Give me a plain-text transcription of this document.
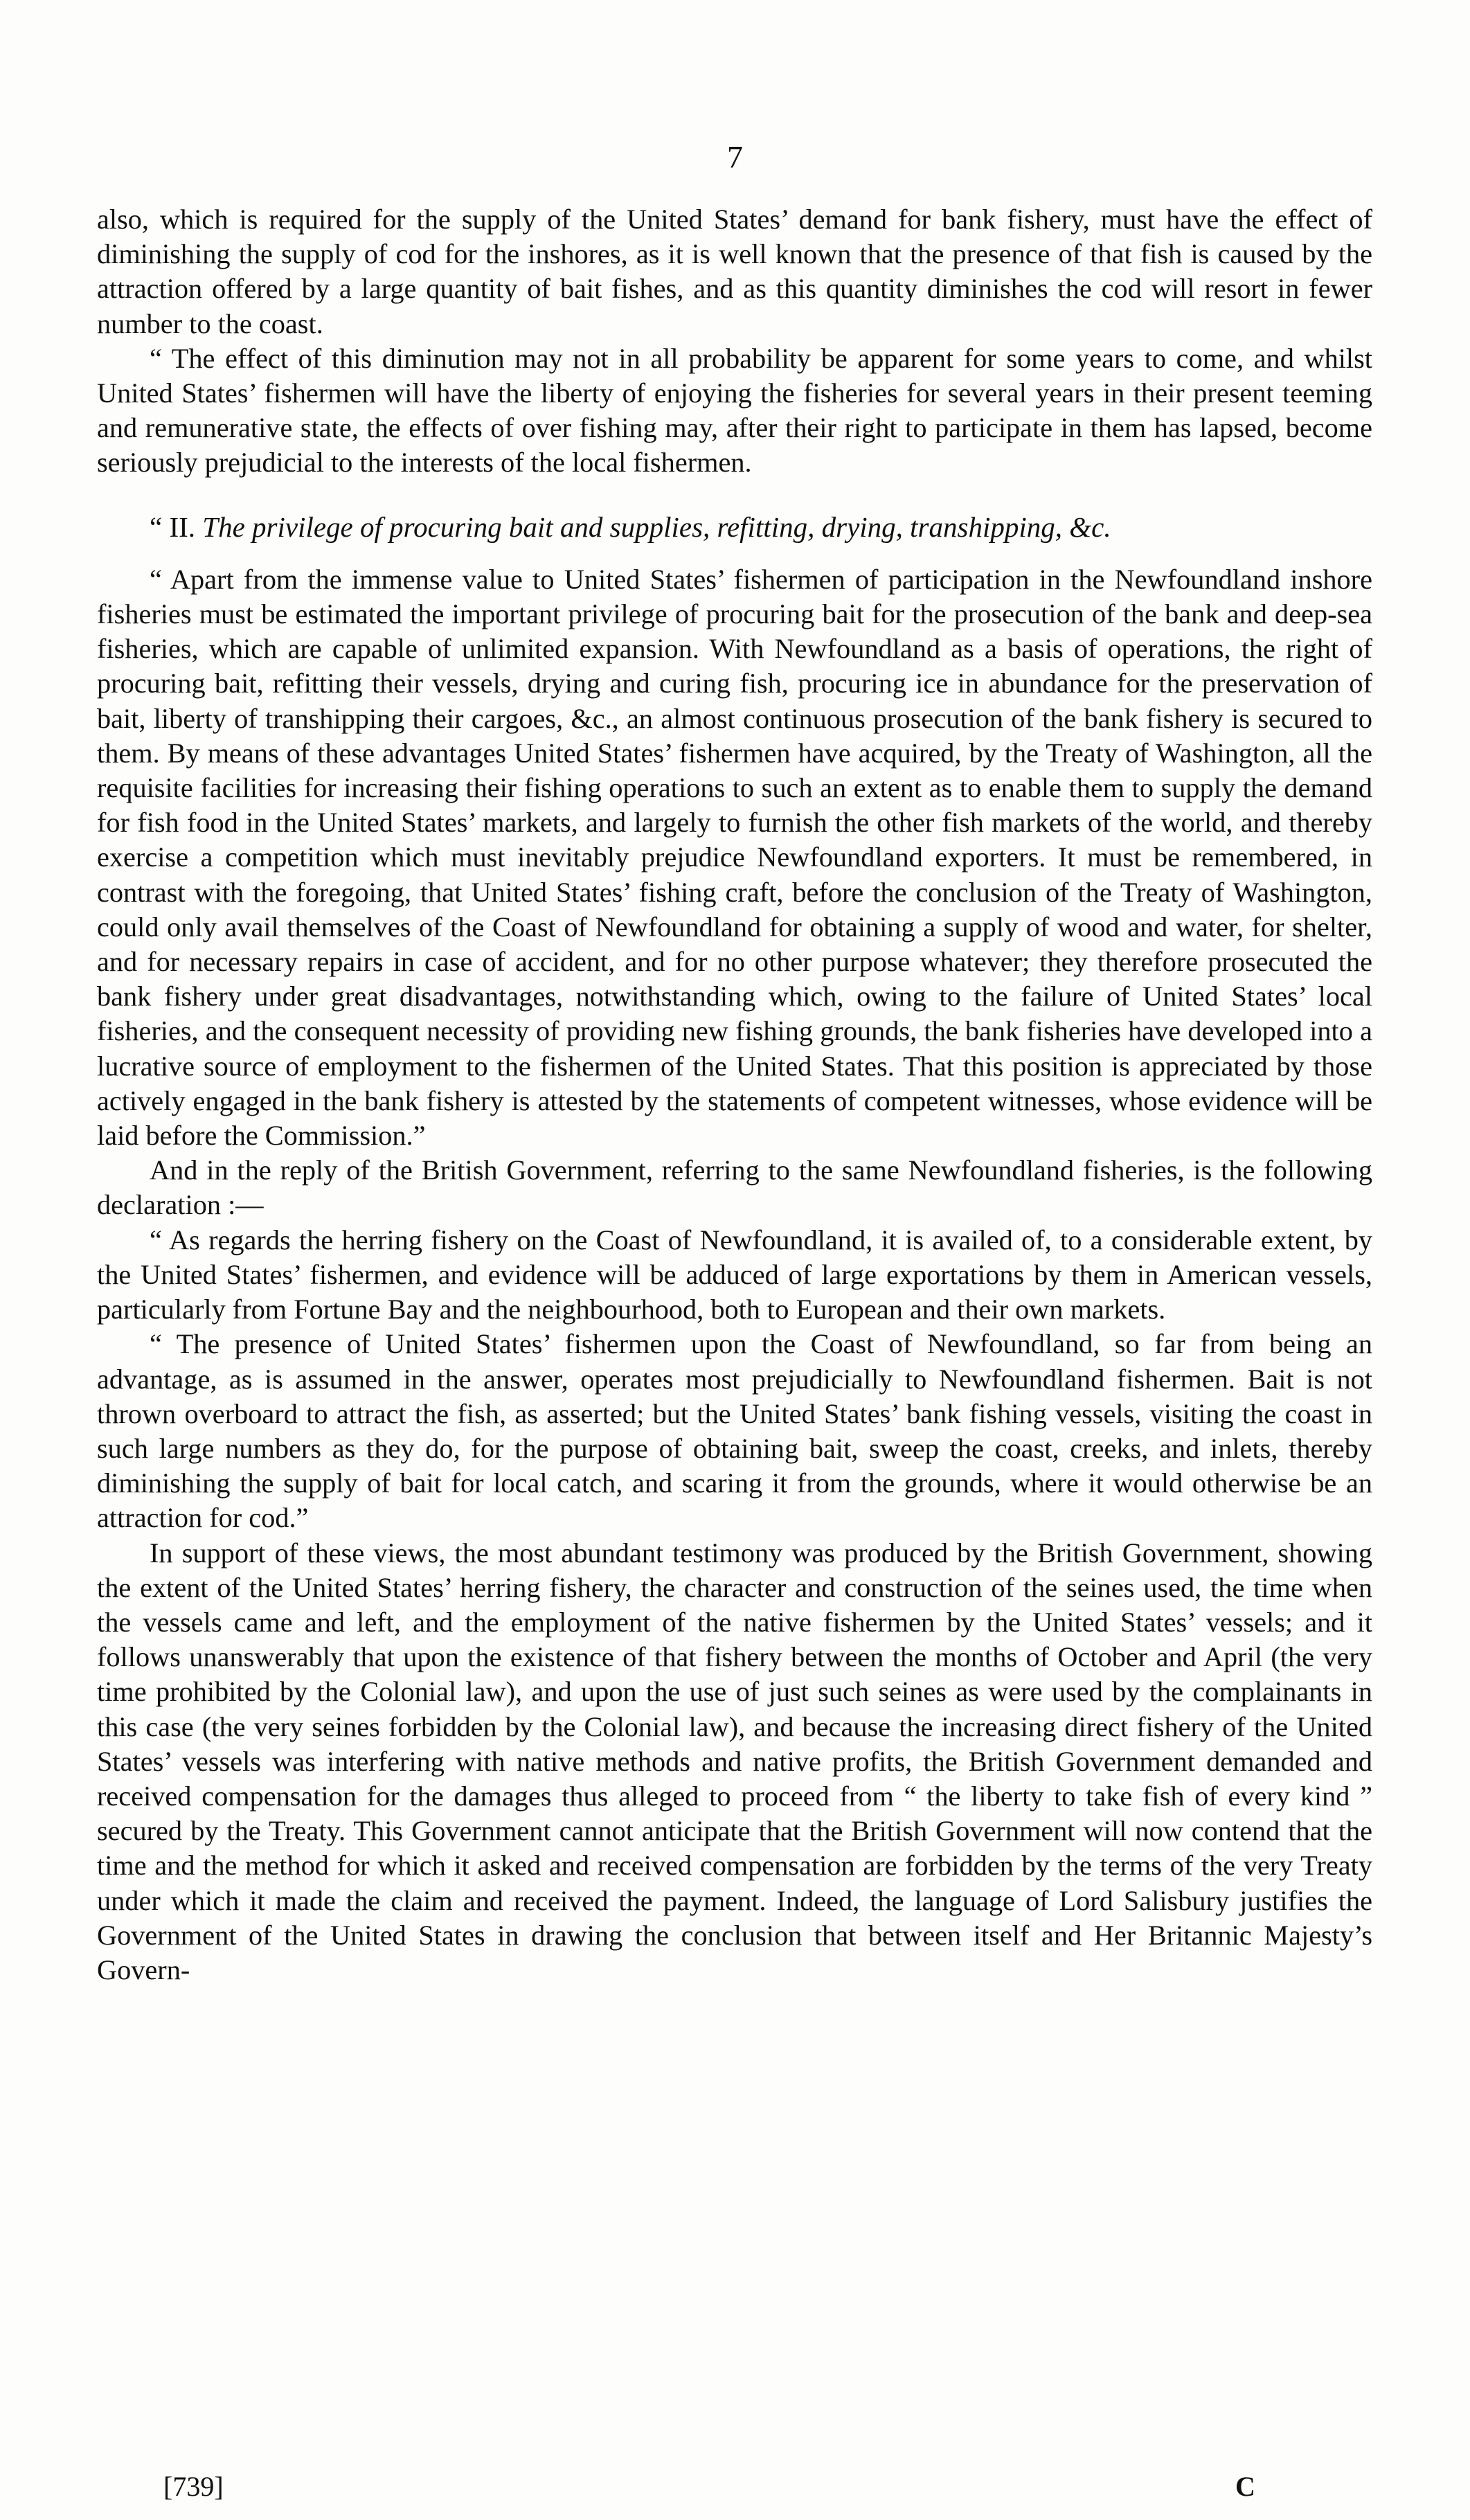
7

also, which is required for the supply of the United States’ demand for bank fishery, must have the effect of diminishing the supply of cod for the inshores, as it is well known that the presence of that fish is caused by the attraction offered by a large quantity of bait fishes, and as this quantity diminishes the cod will resort in fewer number to the coast.

“ The effect of this diminution may not in all probability be apparent for some years to come, and whilst United States’ fishermen will have the liberty of enjoying the fisheries for several years in their present teeming and remunerative state, the effects of over fishing may, after their right to participate in them has lapsed, become seriously prejudicial to the interests of the local fishermen.

“ II. The privilege of procuring bait and supplies, refitting, drying, transhipping, &c.

“ Apart from the immense value to United States’ fishermen of participation in the Newfoundland inshore fisheries must be estimated the important privilege of procuring bait for the prosecution of the bank and deep-sea fisheries, which are capable of unlimited expansion. With Newfoundland as a basis of operations, the right of procuring bait, refitting their vessels, drying and curing fish, procuring ice in abundance for the preservation of bait, liberty of transhipping their cargoes, &c., an almost continuous prosecution of the bank fishery is secured to them. By means of these advantages United States’ fishermen have acquired, by the Treaty of Washington, all the requisite facilities for increasing their fishing operations to such an extent as to enable them to supply the demand for fish food in the United States’ markets, and largely to furnish the other fish markets of the world, and thereby exercise a competition which must inevitably prejudice Newfoundland exporters. It must be remembered, in contrast with the foregoing, that United States’ fishing craft, before the conclusion of the Treaty of Washington, could only avail themselves of the Coast of Newfoundland for obtaining a supply of wood and water, for shelter, and for necessary repairs in case of accident, and for no other purpose whatever; they therefore prosecuted the bank fishery under great disadvantages, notwithstanding which, owing to the failure of United States’ local fisheries, and the consequent necessity of providing new fishing grounds, the bank fisheries have developed into a lucrative source of employment to the fishermen of the United States. That this position is appreciated by those actively engaged in the bank fishery is attested by the statements of competent witnesses, whose evidence will be laid before the Commission.”

And in the reply of the British Government, referring to the same Newfoundland fisheries, is the following declaration :—

“ As regards the herring fishery on the Coast of Newfoundland, it is availed of, to a considerable extent, by the United States’ fishermen, and evidence will be adduced of large exportations by them in American vessels, particularly from Fortune Bay and the neighbourhood, both to European and their own markets.

“ The presence of United States’ fishermen upon the Coast of Newfoundland, so far from being an advantage, as is assumed in the answer, operates most prejudicially to Newfoundland fishermen. Bait is not thrown overboard to attract the fish, as asserted; but the United States’ bank fishing vessels, visiting the coast in such large numbers as they do, for the purpose of obtaining bait, sweep the coast, creeks, and inlets, thereby diminishing the supply of bait for local catch, and scaring it from the grounds, where it would otherwise be an attraction for cod.”

In support of these views, the most abundant testimony was produced by the British Government, showing the extent of the United States’ herring fishery, the character and construction of the seines used, the time when the vessels came and left, and the employment of the native fishermen by the United States’ vessels; and it follows unanswerably that upon the existence of that fishery between the months of October and April (the very time prohibited by the Colonial law), and upon the use of just such seines as were used by the complainants in this case (the very seines forbidden by the Colonial law), and because the increasing direct fishery of the United States’ vessels was interfering with native methods and native profits, the British Government demanded and received compensation for the damages thus alleged to proceed from “ the liberty to take fish of every kind ” secured by the Treaty. This Government cannot anticipate that the British Government will now contend that the time and the method for which it asked and received compensation are forbidden by the terms of the very Treaty under which it made the claim and received the payment. Indeed, the language of Lord Salisbury justifies the Government of the United States in drawing the conclusion that between itself and Her Britannic Majesty’s Govern-

[739]	C
